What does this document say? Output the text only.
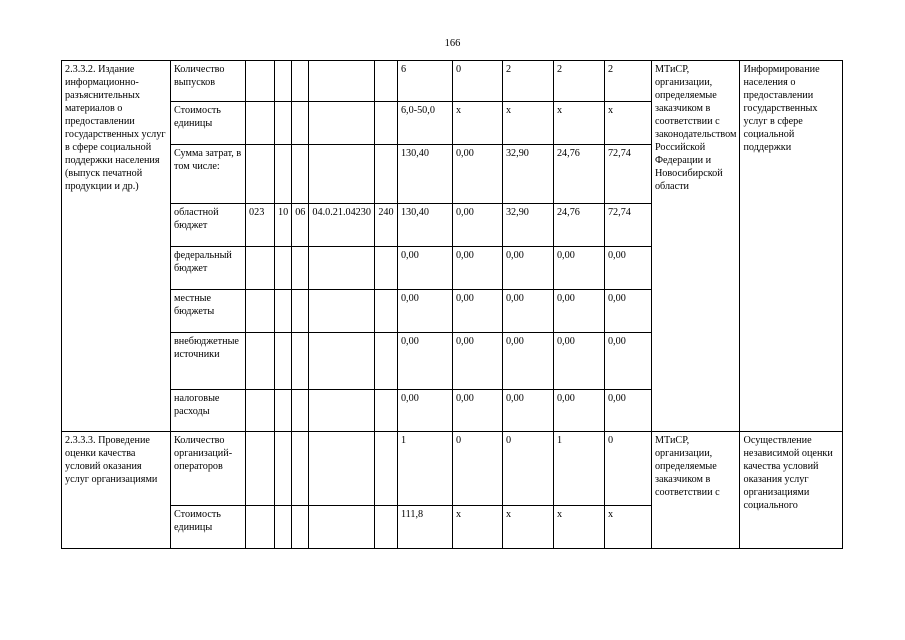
166
2.3.3.2. Издание информационно-разъяснительных материалов о предоставлении государственных услуг в сфере социальной поддержки населения (выпуск печатной продукции и др.)	Количество выпусков						6	0	2	2	2	МТиСР, организации, определяемые заказчиком в соответствии с законодательством Российской Федерации и Новосибирской области	Информирование населения о предоставлении государственных услуг в сфере социальной поддержки
	Стоимость единицы						6,0-50,0	х	х	х	х		
	Сумма затрат, в том числе:						130,40	0,00	32,90	24,76	72,74		
	областной бюджет	023	10	06	04.0.21.04230	240	130,40	0,00	32,90	24,76	72,74		
	федеральный бюджет						0,00	0,00	0,00	0,00	0,00		
	местные бюджеты						0,00	0,00	0,00	0,00	0,00		
	внебюджетные источники						0,00	0,00	0,00	0,00	0,00		
	налоговые расходы						0,00	0,00	0,00	0,00	0,00		
2.3.3.3. Проведение оценки качества условий оказания услуг организациями	Количество организаций-операторов						1	0	0	1	0	МТиСР, организации, определяемые заказчиком в соответствии с	Осуществление независимой оценки качества условий оказания услуг организациями социального
	Стоимость единицы						111,8	х	х	х	х		
